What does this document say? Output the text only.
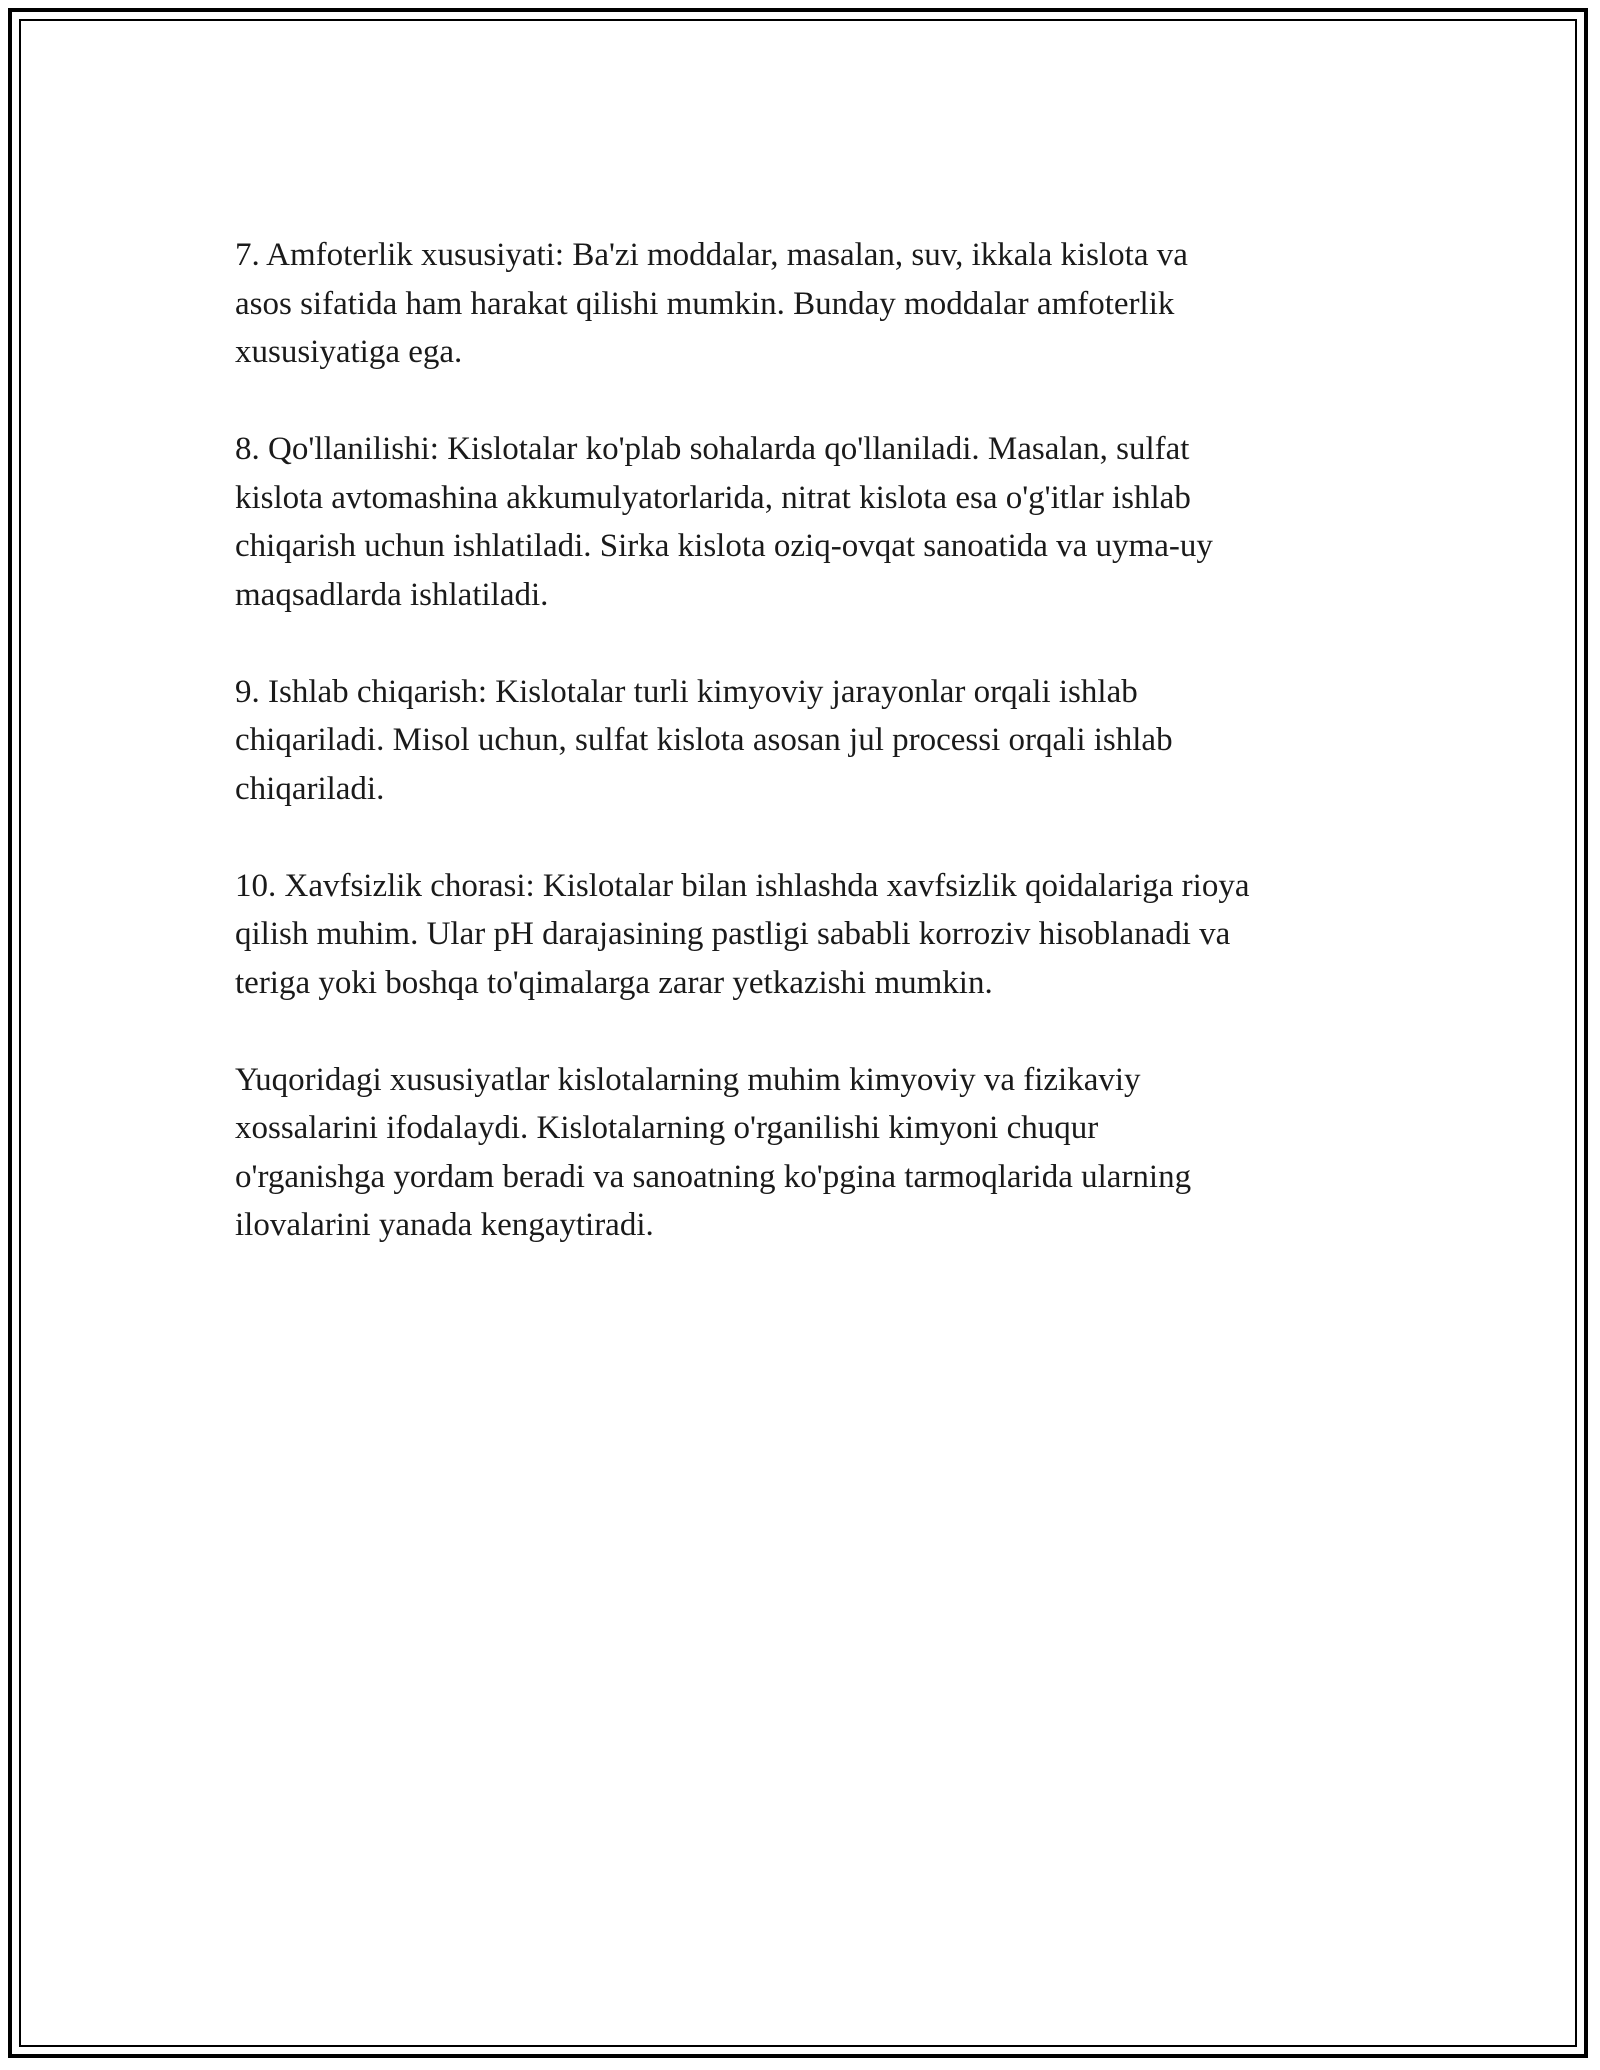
7. Amfoterlik xususiyati: Ba'zi moddalar, masalan, suv, ikkala kislota va
asos sifatida ham harakat qilishi mumkin. Bunday moddalar amfoterlik
xususiyatiga ega.

8. Qo'llanilishi: Kislotalar ko'plab sohalarda qo'llaniladi. Masalan, sulfat
kislota avtomashina akkumulyatorlarida, nitrat kislota esa o'g'itlar ishlab
chiqarish uchun ishlatiladi. Sirka kislota oziq-ovqat sanoatida va uyma-uy
maqsadlarda ishlatiladi.

9. Ishlab chiqarish: Kislotalar turli kimyoviy jarayonlar orqali ishlab
chiqariladi. Misol uchun, sulfat kislota asosan jul processi orqali ishlab
chiqariladi.

10. Xavfsizlik chorasi: Kislotalar bilan ishlashda xavfsizlik qoidalariga rioya
qilish muhim. Ular pH darajasining pastligi sababli korroziv hisoblanadi va
teriga yoki boshqa to'qimalarga zarar yetkazishi mumkin.

Yuqoridagi xususiyatlar kislotalarning muhim kimyoviy va fizikaviy
xossalarini ifodalaydi. Kislotalarning o'rganilishi kimyoni chuqur
o'rganishga yordam beradi va sanoatning ko'pgina tarmoqlarida ularning
ilovalarini yanada kengaytiradi.
